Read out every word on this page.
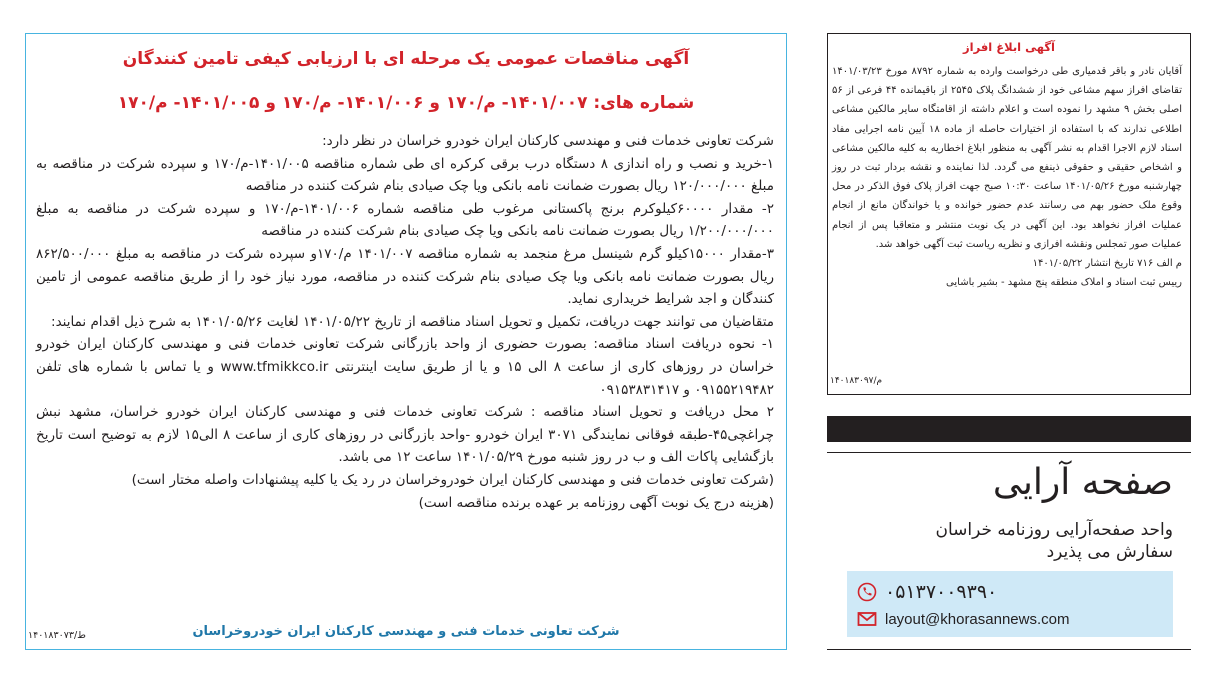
آگهی مناقصات عمومی یک مرحله ای با ارزیابی کیفی تامین کنندگان
شماره های: ۱۴۰۱/۰۰۷- م/۱۷۰ و ۱۴۰۱/۰۰۶- م/۱۷۰ و ۱۴۰۱/۰۰۵- م/۱۷۰

شرکت تعاونی خدمات فنی و مهندسی کارکنان ایران خودرو خراسان در نظر دارد:

۱-خرید و نصب و راه اندازی ۸ دستگاه درب برقی کرکره ای طی شماره مناقصه ۱۴۰۱/۰۰۵-م/۱۷۰ و سپرده شرکت در مناقصه به مبلغ ۱۲۰/۰۰۰/۰۰۰ ریال بصورت ضمانت نامه بانکی ویا چک صیادی بنام شرکت کننده در مناقصه

۲- مقدار ۶۰۰۰۰کیلوکرم برنج پاکستانی مرغوب طی مناقصه شماره ۱۴۰۱/۰۰۶-م/۱۷۰ و سپرده شرکت در مناقصه به مبلغ ۱/۲۰۰/۰۰۰/۰۰۰ ریال بصورت ضمانت نامه بانکی ویا چک صیادی بنام شرکت کننده در مناقصه

۳-مقدار ۱۵۰۰۰کیلو گرم شینسل مرغ منجمد به شماره مناقصه ۱۴۰۱/۰۰۷ م/۱۷۰و سپرده شرکت در مناقصه به مبلغ ۸۶۲/۵۰۰/۰۰۰ ریال بصورت ضمانت نامه بانکی ویا چک صیادی بنام شرکت کننده در مناقصه، مورد نیاز خود را از طریق مناقصه عمومی از تامین کنندگان و اجد شرایط خریداری نماید.

متقاضیان می توانند جهت دریافت، تکمیل و تحویل اسناد مناقصه از تاریخ ۱۴۰۱/۰۵/۲۲ لغایت ۱۴۰۱/۰۵/۲۶ به شرح ذیل اقدام نمایند:

۱- نحوه دریافت اسناد مناقصه: بصورت حضوری از واحد بازرگانی شرکت تعاونی خدمات فنی و مهندسی کارکنان ایران خودرو خراسان در روزهای کاری از ساعت ۸ الی ۱۵ و یا از طریق سایت اینترنتی www.tfmikkco.ir و یا تماس با شماره های تلفن ۰۹۱۵۵۲۱۹۴۸۲ و ۰۹۱۵۳۸۳۱۴۱۷

۲ محل دریافت و تحویل اسناد مناقصه : شرکت تعاونی خدمات فنی و مهندسی کارکنان ایران خودرو خراسان، مشهد نبش چراغچی۴۵-طبقه فوقانی نمایندگی ۳۰۷۱ ایران خودرو -واحد بازرگانی در روزهای کاری از ساعت ۸ الی۱۵ لازم به توضیح است تاریخ بازگشایی پاکات الف و ب در روز شنبه مورخ ۱۴۰۱/۰۵/۲۹ ساعت ۱۲ می باشد.

(شرکت تعاونی خدمات فنی و مهندسی کارکنان ایران خودروخراسان در رد یک یا کلیه پیشنهادات واصله مختار است)

(هزینه درج یک نوبت آگهی روزنامه بر عهده برنده مناقصه است)

شرکت تعاونی خدمات فنی و مهندسی کارکنان ایران خودروخراسان
ط/۱۴۰۱۸۳۰۷۳
آگهی ابلاغ افراز

آقایان نادر و باقر قدمیاری طی درخواست وارده به شماره ۸۷۹۲ مورخ ۱۴۰۱/۰۳/۲۳ تقاضای افراز سهم مشاعی خود از ششدانگ پلاک ۲۵۴۵ از باقیمانده ۴۴ فرعی از ۵۶ اصلی بخش ۹ مشهد را نموده است و اعلام داشته از اقامتگاه سایر مالکین مشاعی اطلاعی ندارند که با استفاده از اختیارات حاصله از ماده ۱۸ آیین نامه اجرایی مفاد اسناد لازم الاجرا اقدام به نشر آگهی به منظور ابلاغ اخطاریه به کلیه مالکین مشاعی و اشخاص حقیقی و حقوقی ذینفع می گردد. لذا نماینده و نقشه بردار ثبت در روز چهارشنبه مورخ ۱۴۰۱/۰۵/۲۶ ساعت ۱۰:۳۰ صبح جهت افراز پلاک فوق الذکر در محل وقوع ملک حضور بهم می رسانند عدم حضور خوانده و یا خواندگان مانع از انجام عملیات افراز نخواهد بود. این آگهی در یک نوبت منتشر و متعاقبا پس از انجام عملیات صور تمجلس ونقشه افرازی و نظریه ریاست ثبت آگهی خواهد شد.

م الف ۷۱۶ تاریخ انتشار ۱۴۰۱/۰۵/۲۲

رییس ثبت اسناد و املاک منطقه پنج مشهد - بشیر باشایی

م/۱۴۰۱۸۳۰۹۷
صفحه آرایی
واحد صفحه‌آرایی روزنامه خراسان
سفارش می پذیرد
۰۵۱۳۷۰۰۹۳۹۰
layout@khorasannews.com
